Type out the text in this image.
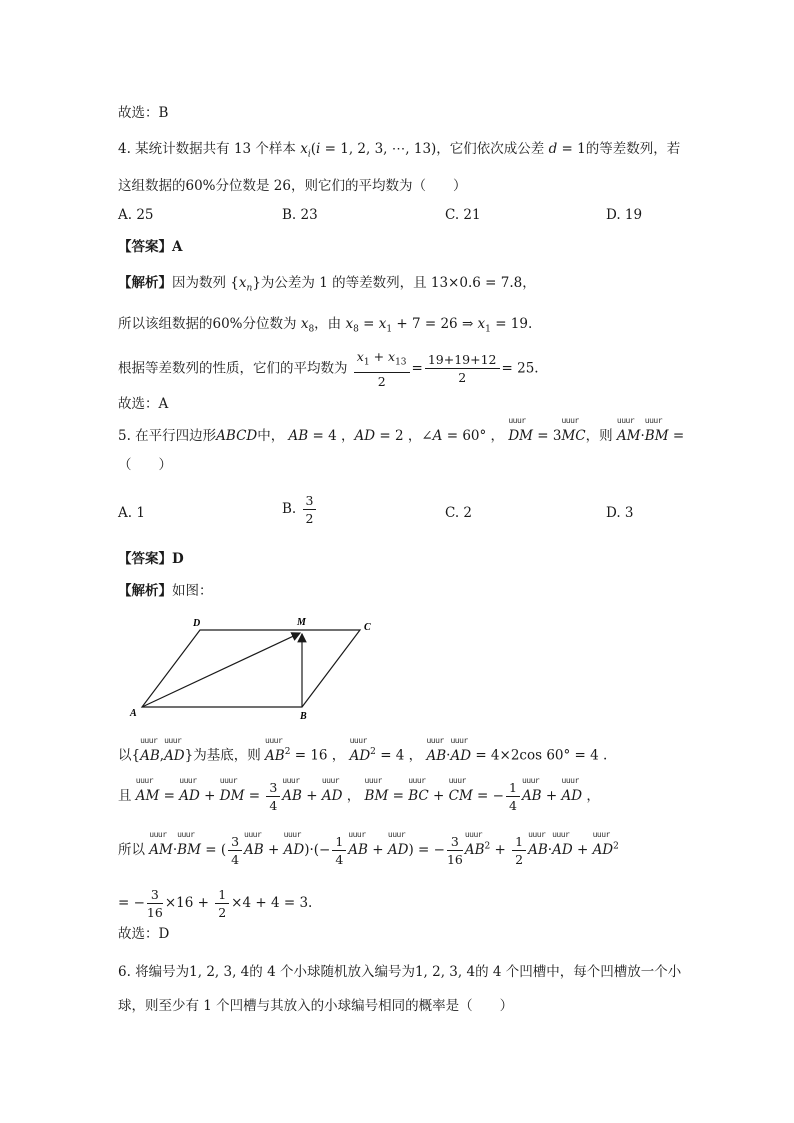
故选：B
4. 某统计数据共有 13 个样本 $x_i(i = 1$, 2, 3, ⋯, 13)，它们依次成公差 d = 1的等差数列，若
这组数据的60%分位数是 26，则它们的平均数为（　　）
A. 25	B. 23	C. 21	D. 19
【答案】A
【解析】因为数列 $\{x_n\}$为公差为 1 的等差数列，且 13×0.6 = 7.8，
所以该组数据的60%分位数为 $x_8$，由 $x_8 = x_1 + 7 = 26$ ⇒ $x_1 = 19$.
根据等差数列的性质，它们的平均数为 $\frac{x_1 + x_{13}}{2} = \frac{19+19+12}{2} = 25$.
故选：A
5. 在平行四边形ABCD中， AB = 4 ，AD = 2 ，∠A = 60° ， uuur DM = 3uuur MC，则 uuur AM·uuur BM =
（　　）
A. 1	B. $\frac{3}{2}$	C. 2	D. 3
【答案】D
【解析】如图：
A	B
C
D	M
以{uuur AB,uuur AD}为基底，则 uuur $AB^2 = 16$ ， uuur $AD^2 = 4$ ， uuur AB·uuur AD = 4×2cos 60° = 4 .
且 uuur AM = uuur AD + uuur DM = $\frac{3}{4}$ uuur AB + uuur AD ， uuur BM = uuur BC + uuur CM = − $\frac{1}{4}$ uuur AB + uuur AD ，
所以 uuur AM·uuur BM = ( $\frac{3}{4}$ uuur AB + uuur $AD)\cdot(- \frac{1}{4}$ uuur AB + uuur AD) = − $\frac{3}{16}$ uuur $AB^2 + \frac{1}{2}$ uuur AB·uuur AD + uuur $AD^2$
= − $\frac{3}{16} \times 16 + \frac{1}{2} \times 4 + 4 = 3$.
故选：D
6. 将编号为1, 2, 3, 4的 4 个小球随机放入编号为1, 2, 3, 4的 4 个凹槽中，每个凹槽放一个小
球，则至少有 1 个凹槽与其放入的小球编号相同的概率是（　　）
